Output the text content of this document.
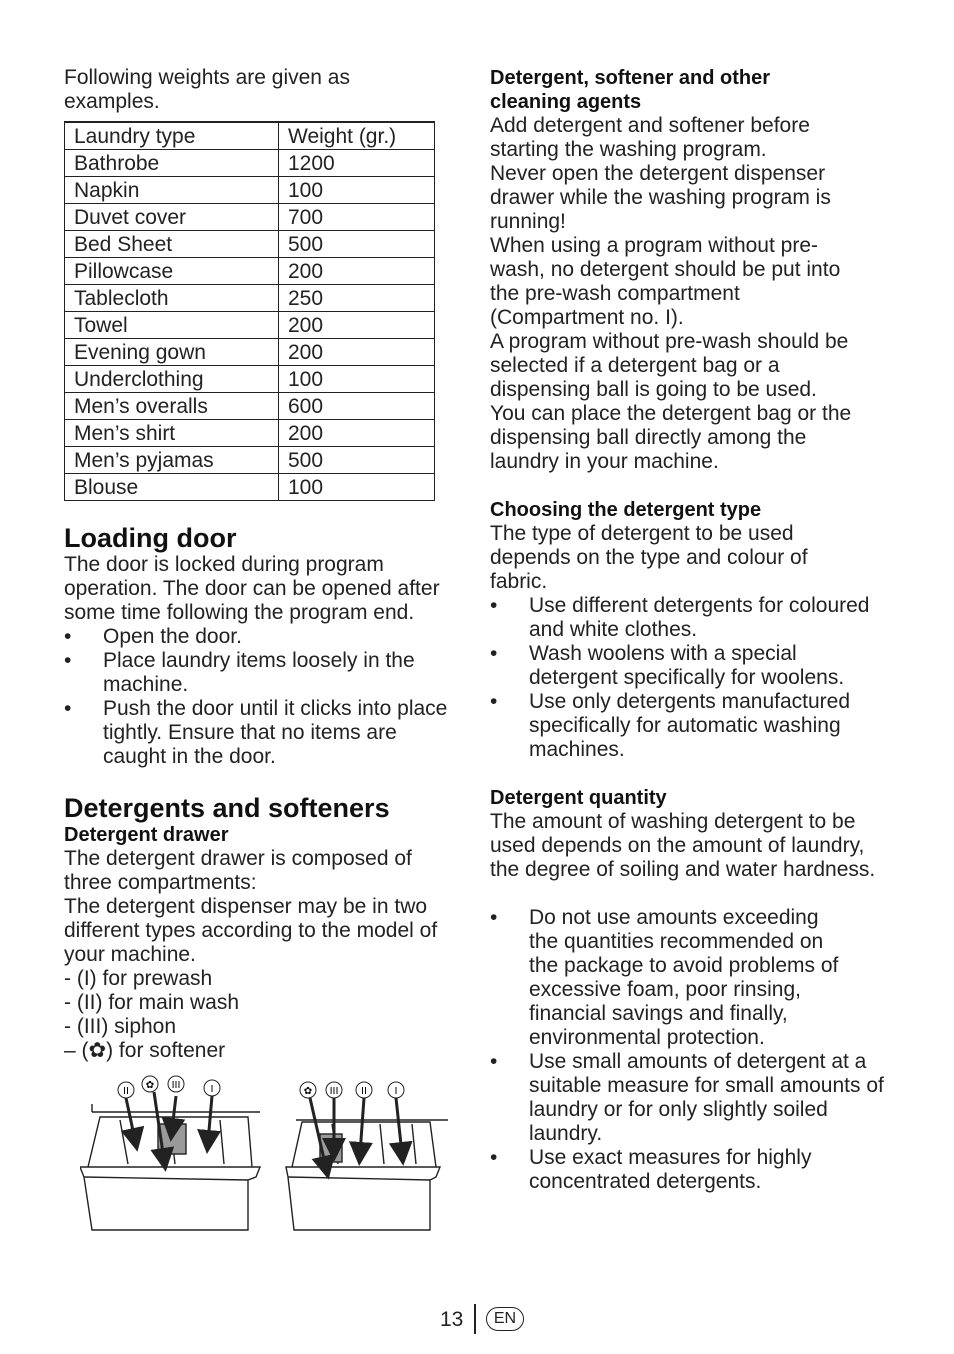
Following weights are given as examples.

Laundry type	Weight (gr.)
Bathrobe	1200
Napkin	100
Duvet cover	700
Bed Sheet	500
Pillowcase	200
Tablecloth	250
Towel	200
Evening gown	200
Underclothing	100
Men’s overalls	600
Men’s shirt	200
Men’s pyjamas	500
Blouse	100
Loading door

The door is locked during program operation. The door can be opened after some time following the program end.

• Open the door.
• Place laundry items loosely in the machine.
• Push the door until it clicks into place tightly. Ensure that no items are caught in the door.
Detergents and softeners
Detergent drawer

The detergent drawer is composed of three compartments:

The detergent dispenser may be in two different types according to the model of your machine.

- (I) for prewash

- (II) for main wash

- (III) siphon

– (✿) for softener

II
✿ III	I	✿ III II	I
Detergent, softener and other cleaning agents

Add detergent and softener before starting the washing program.

Never open the detergent dispenser drawer while the washing program is running!

When using a program without pre-wash, no detergent should be put into the pre-wash compartment (Compartment no. I).

A program without pre-wash should be selected if a detergent bag or a dispensing ball is going to be used.

You can place the detergent bag or the dispensing ball directly among the laundry in your machine.

Choosing the detergent type

The type of detergent to be used depends on the type and colour of fabric.

• Use different detergents for coloured and white clothes.
• Wash woolens with a special detergent specifically for woolens.
• Use only detergents manufactured specifically for automatic washing machines.
Detergent quantity

The amount of washing detergent to be used depends on the amount of laundry, the degree of soiling and water hardness.

• Do not use amounts exceeding the quantities recommended on the package to avoid problems of excessive foam, poor rinsing, financial savings and finally, environmental protection.
• Use small amounts of detergent at a suitable measure for small amounts of laundry or for only slightly soiled laundry.
• Use exact measures for highly concentrated detergents.
13	EN
